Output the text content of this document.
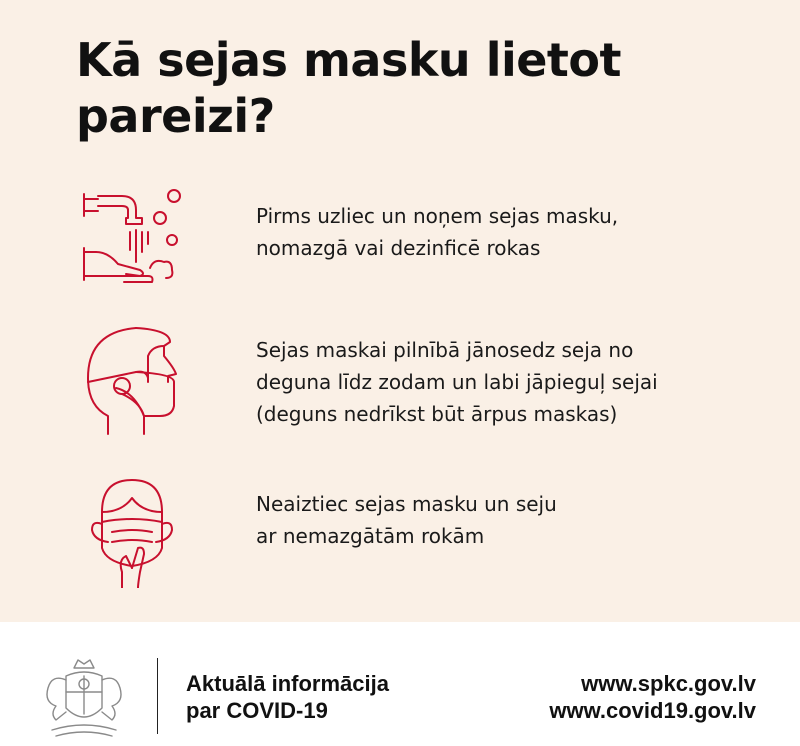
Kā sejas masku lietot
pareizi?
Pirms uzliec un noņem sejas masku,
nomazgā vai dezinficē rokas
Sejas maskai pilnībā jānosedz seja no
deguna līdz zodam un labi jāpieguļ sejai
(deguns nedrīkst būt ārpus maskas)
Neaiztiec sejas masku un seju
ar nemazgātām rokām
Aktuālā informācija
par COVID-19
www.spkc.gov.lv
www.covid19.gov.lv
